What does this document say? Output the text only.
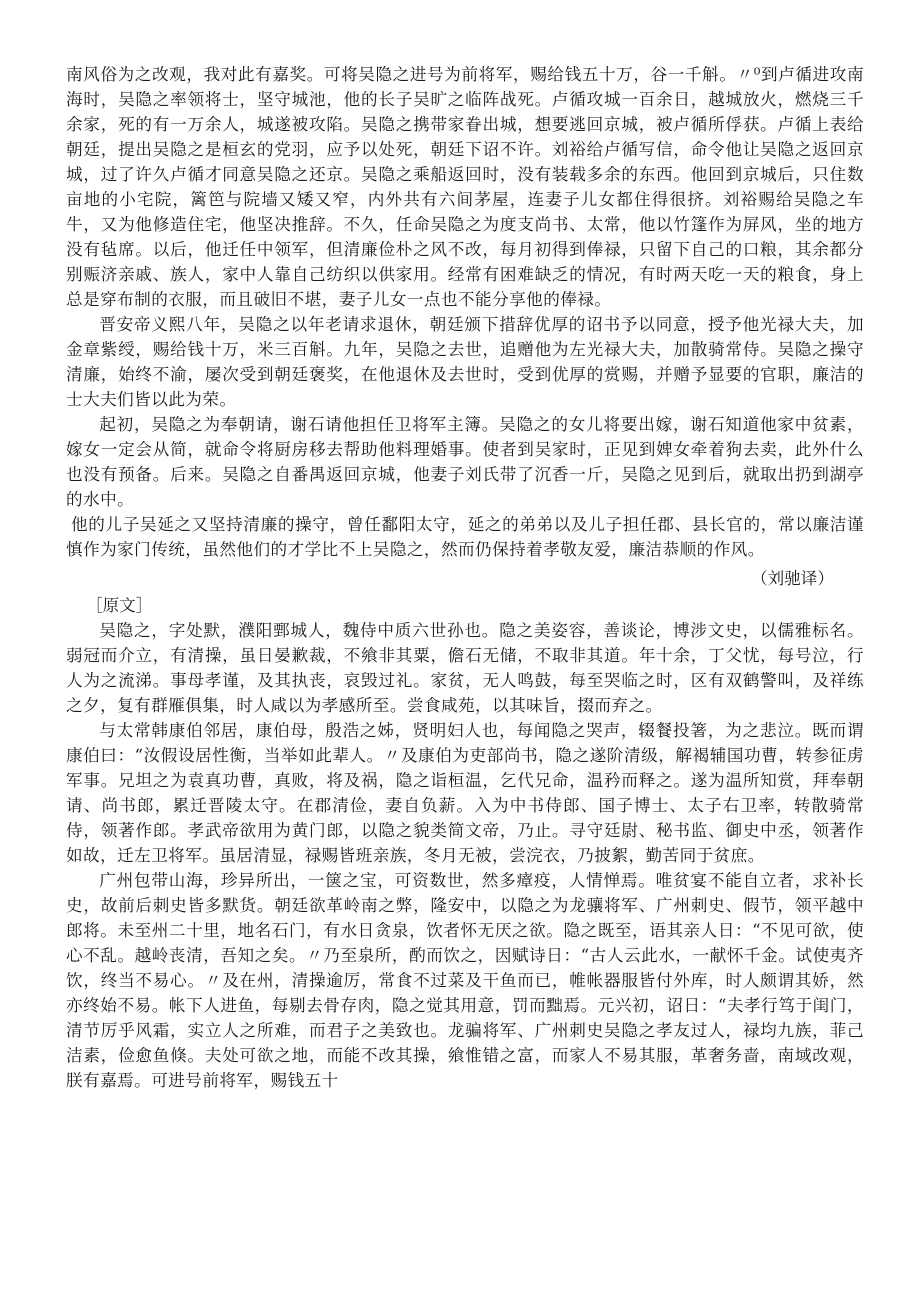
南风俗为之改观，我对此有嘉奖。可将吴隐之进号为前将军，赐给钱五十万，谷一千斛。〃⁰到卢循进攻南海时，吴隐之率领将士，坚守城池，他的长子吴旷之临阵战死。卢循攻城一百余日，越城放火，燃烧三千余家，死的有一万余人，城遂被攻陷。吴隐之携带家眷出城，想要逃回京城，被卢循所俘获。卢循上表给朝廷，提出吴隐之是桓玄的党羽，应予以处死，朝廷下诏不许。刘裕给卢循写信，命令他让吴隐之返回京城，过了许久卢循才同意吴隐之还京。吴隐之乘船返回时，没有装载多余的东西。他回到京城后，只住数亩地的小宅院，篱笆与院墙又矮又窄，内外共有六间茅屋，连妻子儿女都住得很挤。刘裕赐给吴隐之车牛，又为他修造住宅，他坚决推辞。不久，任命吴隐之为度支尚书、太常，他以竹篷作为屏风，坐的地方没有毡席。以后，他迁任中领军，但清廉俭朴之风不改，每月初得到俸禄，只留下自己的口粮，其余都分别赈济亲戚、族人，家中人靠自己纺织以供家用。经常有困难缺乏的情况，有时两天吃一天的粮食，身上总是穿布制的衣服，而且破旧不堪，妻子儿女一点也不能分享他的俸禄。

晋安帝义熙八年，吴隐之以年老请求退休，朝廷颁下措辞优厚的诏书予以同意，授予他光禄大夫，加金章紫绶，赐给钱十万，米三百斛。九年，吴隐之去世，追赠他为左光禄大夫，加散骑常侍。吴隐之操守清廉，始终不渝，屡次受到朝廷褒奖，在他退休及去世时，受到优厚的赏赐，并赠予显要的官职，廉洁的士大夫们皆以此为荣。

起初，吴隐之为奉朝请，谢石请他担任卫将军主簿。吴隐之的女儿将要出嫁，谢石知道他家中贫素，嫁女一定会从简，就命令将厨房移去帮助他料理婚事。使者到吴家时，正见到婢女牵着狗去卖，此外什么也没有预备。后来。吴隐之自番禺返回京城，他妻子刘氏带了沉香一斤，吴隐之见到后，就取出扔到湖亭的水中。

他的儿子吴延之又坚持清廉的操守，曾任鄱阳太守，延之的弟弟以及儿子担任郡、县长官的，常以廉洁谨慎作为家门传统，虽然他们的才学比不上吴隐之，然而仍保持着孝敬友爱，廉洁恭顺的作风。

（刘驰译）

［原文］

吴隐之，字处默，濮阳鄄城人，魏侍中质六世孙也。隐之美姿容，善谈论，博涉文史，以儒雅标名。弱冠而介立，有清操，虽日晏歉裁，不飨非其粟，儋石无储，不取非其道。年十余，丁父忧，每号泣，行人为之流涕。事母孝谨，及其执丧，哀毁过礼。家贫，无人鸣鼓，每至哭临之时，区有双鹤警叫，及祥练之夕，复有群雁俱集，时人咸以为孝感所至。尝食咸苑，以其味旨，掇而弃之。

与太常韩康伯邻居，康伯母，殷浩之姊，贤明妇人也，每闻隐之哭声，辍餐投箸，为之悲泣。既而谓康伯曰：“汝假设居性衡，当举如此辈人。〃及康伯为吏部尚书，隐之遂阶清级，解褐辅国功曹，转参征虏军事。兄坦之为袁真功曹，真败，将及祸，隐之诣桓温，乞代兄命，温矜而释之。遂为温所知赏，拜奉朝请、尚书郎，累迁晋陵太守。在郡清俭，妻自负薪。入为中书侍郎、国子博士、太子右卫率，转散骑常侍，领著作郎。孝武帝欲用为黄门郎，以隐之貌类简文帝，乃止。寻守廷尉、秘书监、御史中丞，领著作如故，迁左卫将军。虽居清显，禄赐皆班亲族，冬月无被，尝浣衣，乃披絮，勤苦同于贫庶。

广州包带山海，珍异所出，一箧之宝，可资数世，然多瘴疫，人情惮焉。唯贫宴不能自立者，求补长史，故前后刺史皆多默货。朝廷欲革岭南之弊，隆安中，以隐之为龙骧将军、广州刺史、假节，领平越中郎将。未至州二十里，地名石门，有水日贪泉，饮者怀无厌之欲。隐之既至，语其亲人日：“不见可欲，使心不乱。越岭丧清，吾知之矣。〃乃至泉所，酌而饮之，因赋诗日：“古人云此水，一献怀千金。试使夷齐饮，终当不易心。〃及在州，清操逾厉，常食不过菜及干鱼而已，帷帐器服皆付外库，时人颇谓其娇，然亦终始不易。帐下人进鱼，每剔去骨存肉，隐之觉其用意，罚而黜焉。元兴初，诏日：“夫孝行笃于闺门，清节厉乎风霜，实立人之所难，而君子之美致也。龙骗将军、广州刺史吴隐之孝友过人，禄均九族，菲己洁素，俭愈鱼倏。夫处可欲之地，而能不改其操，飨惟错之富，而家人不易其服，革奢务啬，南域改观，朕有嘉焉。可进号前将军，赐钱五十
